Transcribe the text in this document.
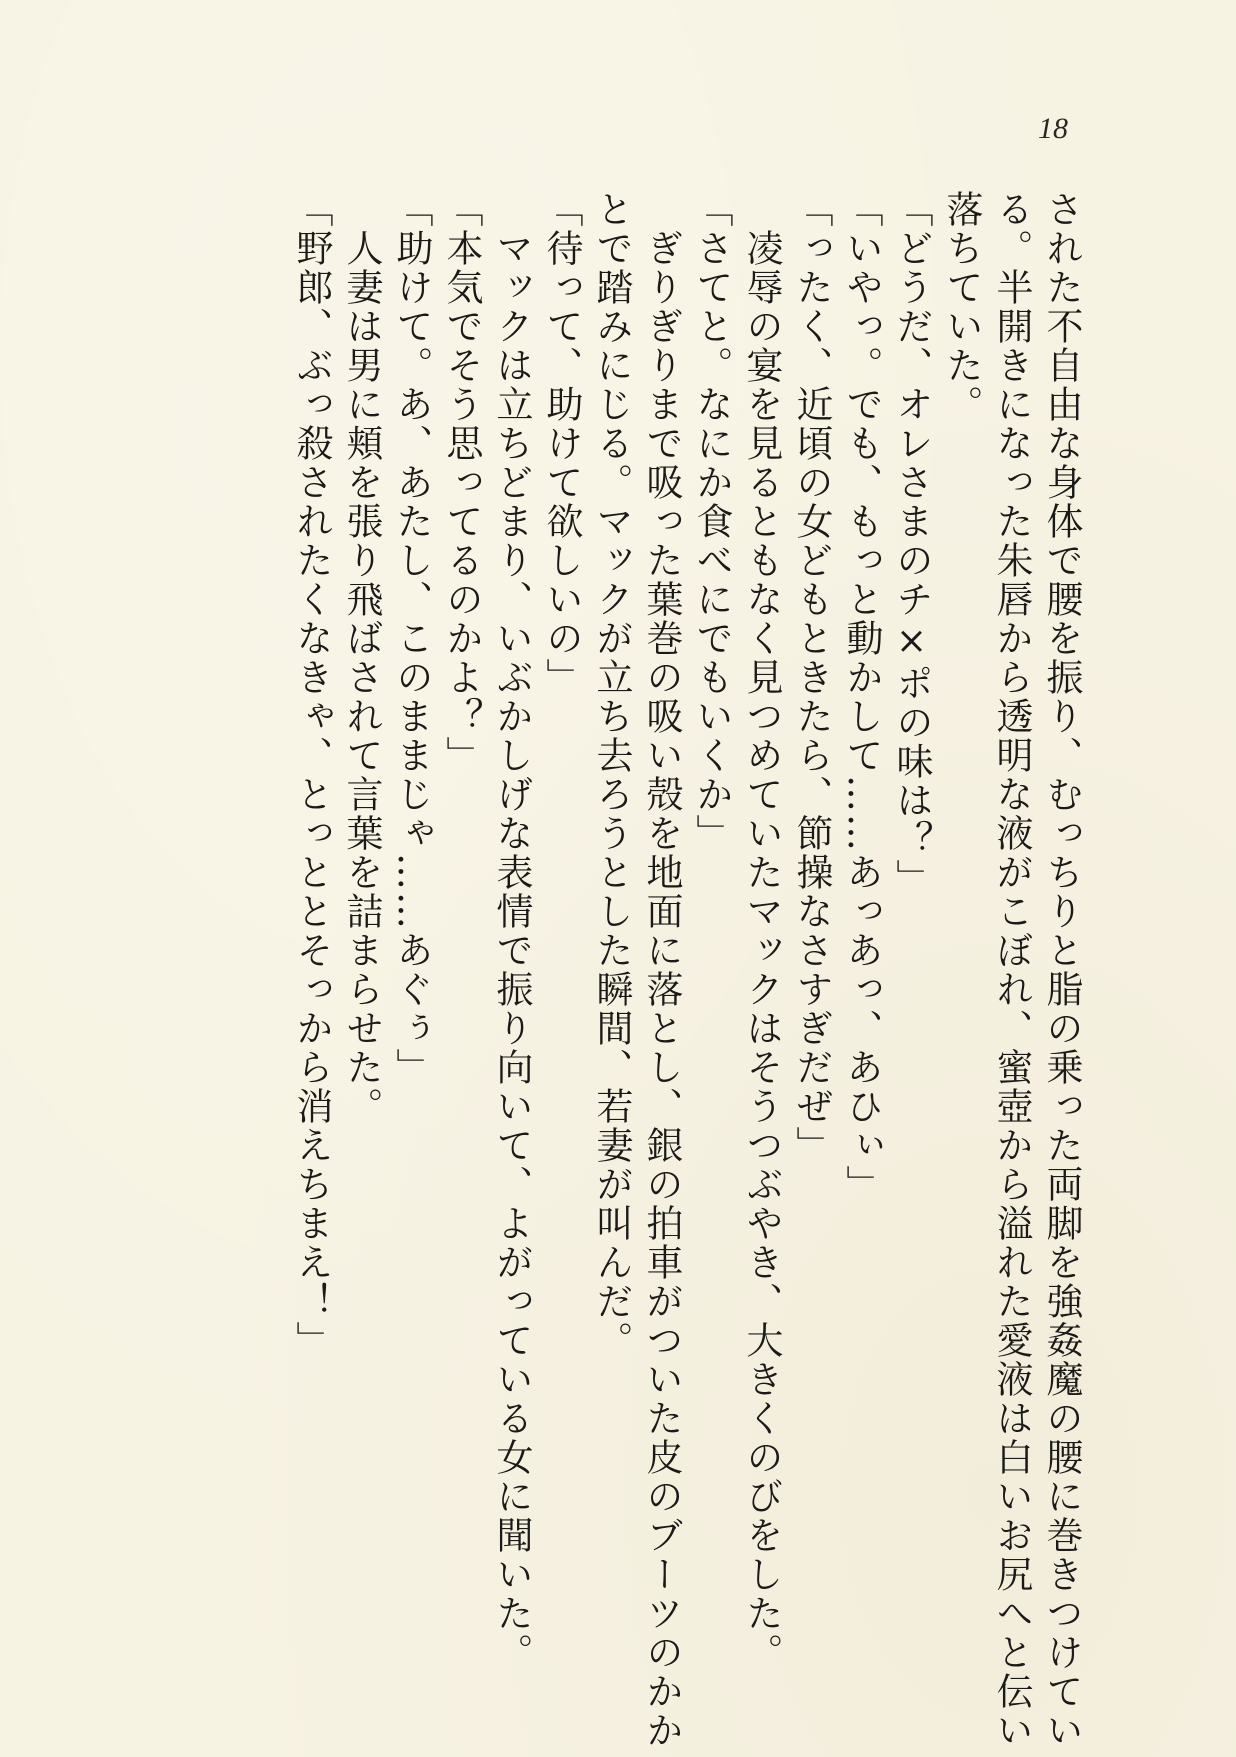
18

された不自由な身体で腰を振り、むっちりと脂の乗った両脚を強姦魔の腰に巻きつけてい

る。半開きになった朱唇から透明な液がこぼれ、蜜壺から溢れた愛液は白いお尻へと伝い

落ちていた。

「どうだ、オレさまのチ×ポの味は？」

「いやっ。でも、もっと動かして……あっあっ、あひぃ」

「ったく、近頃の女どもときたら、節操なさすぎだぜ」

　凌辱の宴を見るともなく見つめていたマックはそうつぶやき、大きくのびをした。

「さてと。なにか食べにでもいくか」

　ぎりぎりまで吸った葉巻の吸い殻を地面に落とし、銀の拍車がついた皮のブーツのかか

とで踏みにじる。マックが立ち去ろうとした瞬間、若妻が叫んだ。

「待って、助けて欲しいの」

　マックは立ちどまり、いぶかしげな表情で振り向いて、よがっている女に聞いた。

「本気でそう思ってるのかよ？」

「助けて。あ、あたし、このままじゃ……あぐぅ」

　人妻は男に頬を張り飛ばされて言葉を詰まらせた。

「野郎、ぶっ殺されたくなきゃ、とっととそっから消えちまえ！」
